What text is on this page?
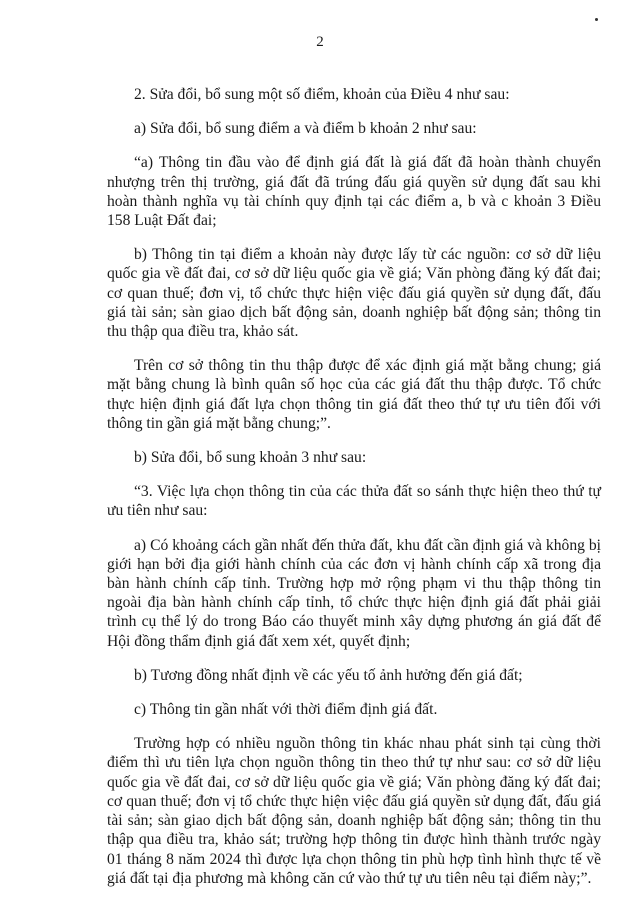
2

2. Sửa đổi, bổ sung một số điểm, khoản của Điều 4 như sau:

a) Sửa đổi, bổ sung điểm a và điểm b khoản 2 như sau:

“a) Thông tin đầu vào để định giá đất là giá đất đã hoàn thành chuyển nhượng trên thị trường, giá đất đã trúng đấu giá quyền sử dụng đất sau khi hoàn thành nghĩa vụ tài chính quy định tại các điểm a, b và c khoản 3 Điều 158 Luật Đất đai;

b) Thông tin tại điểm a khoản này được lấy từ các nguồn: cơ sở dữ liệu quốc gia về đất đai, cơ sở dữ liệu quốc gia về giá; Văn phòng đăng ký đất đai; cơ quan thuế; đơn vị, tổ chức thực hiện việc đấu giá quyền sử dụng đất, đấu giá tài sản; sàn giao dịch bất động sản, doanh nghiệp bất động sản; thông tin thu thập qua điều tra, khảo sát.

Trên cơ sở thông tin thu thập được để xác định giá mặt bằng chung; giá mặt bằng chung là bình quân số học của các giá đất thu thập được. Tổ chức thực hiện định giá đất lựa chọn thông tin giá đất theo thứ tự ưu tiên đối với thông tin gần giá mặt bằng chung;”.

b) Sửa đổi, bổ sung khoản 3 như sau:

“3. Việc lựa chọn thông tin của các thửa đất so sánh thực hiện theo thứ tự ưu tiên như sau:

a) Có khoảng cách gần nhất đến thửa đất, khu đất cần định giá và không bị giới hạn bởi địa giới hành chính của các đơn vị hành chính cấp xã trong địa bàn hành chính cấp tỉnh. Trường hợp mở rộng phạm vi thu thập thông tin ngoài địa bàn hành chính cấp tỉnh, tổ chức thực hiện định giá đất phải giải trình cụ thể lý do trong Báo cáo thuyết minh xây dựng phương án giá đất để Hội đồng thẩm định giá đất xem xét, quyết định;

b) Tương đồng nhất định về các yếu tố ảnh hưởng đến giá đất;

c) Thông tin gần nhất với thời điểm định giá đất.

Trường hợp có nhiều nguồn thông tin khác nhau phát sinh tại cùng thời điểm thì ưu tiên lựa chọn nguồn thông tin theo thứ tự như sau: cơ sở dữ liệu quốc gia về đất đai, cơ sở dữ liệu quốc gia về giá; Văn phòng đăng ký đất đai; cơ quan thuế; đơn vị tổ chức thực hiện việc đấu giá quyền sử dụng đất, đấu giá tài sản; sàn giao dịch bất động sản, doanh nghiệp bất động sản; thông tin thu thập qua điều tra, khảo sát; trường hợp thông tin được hình thành trước ngày 01 tháng 8 năm 2024 thì được lựa chọn thông tin phù hợp tình hình thực tế về giá đất tại địa phương mà không căn cứ vào thứ tự ưu tiên nêu tại điểm này;”.
